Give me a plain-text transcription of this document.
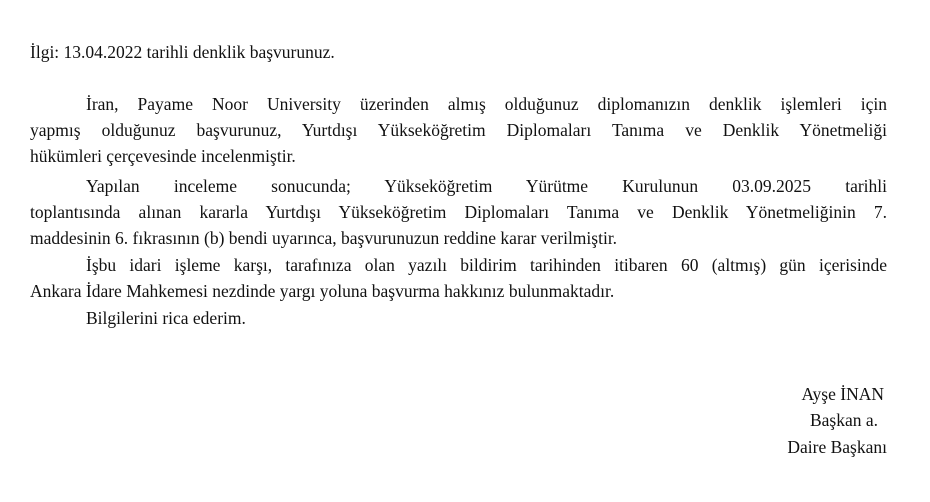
İlgi: 13.04.2022 tarihli denklik başvurunuz.
İran, Payame Noor University üzerinden almış olduğunuz diplomanızın denklik işlemleri için
yapmış olduğunuz başvurunuz, Yurtdışı Yükseköğretim Diplomaları Tanıma ve Denklik Yönetmeliği
hükümleri çerçevesinde incelenmiştir.
Yapılan inceleme sonucunda; Yükseköğretim Yürütme Kurulunun 03.09.2025 tarihli
toplantısında alınan kararla Yurtdışı Yükseköğretim Diplomaları Tanıma ve Denklik Yönetmeliğinin 7.
maddesinin 6. fıkrasının (b) bendi uyarınca, başvurunuzun reddine karar verilmiştir.
İşbu idari işleme karşı, tarafınıza olan yazılı bildirim tarihinden itibaren 60 (altmış) gün içerisinde
Ankara İdare Mahkemesi nezdinde yargı yoluna başvurma hakkınız bulunmaktadır.
Bilgilerini rica ederim.
Ayşe İNAN
Başkan a.
Daire Başkanı
